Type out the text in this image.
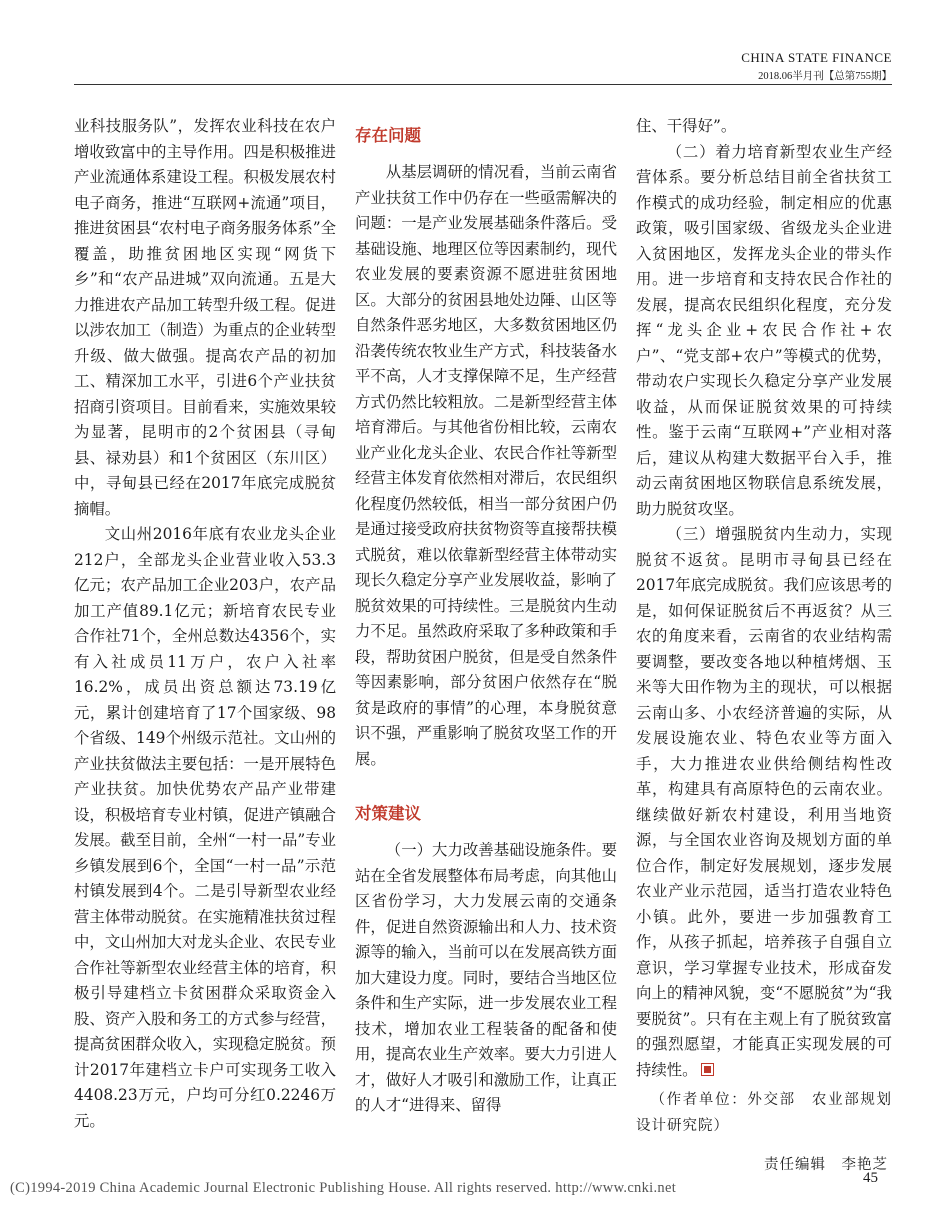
CHINA STATE FINANCE
2018.06半月刊【总第755期】

业科技服务队”，发挥农业科技在农户增收致富中的主导作用。四是积极推进产业流通体系建设工程。积极发展农村电子商务，推进“互联网+流通”项目，推进贫困县“农村电子商务服务体系”全覆盖，助推贫困地区实现“网货下乡”和“农产品进城”双向流通。五是大力推进农产品加工转型升级工程。促进以涉农加工（制造）为重点的企业转型升级、做大做强。提高农产品的初加工、精深加工水平，引进6个产业扶贫招商引资项目。目前看来，实施效果较为显著，昆明市的2个贫困县（寻甸县、禄劝县）和1个贫困区（东川区）中，寻甸县已经在2017年底完成脱贫摘帽。

文山州2016年底有农业龙头企业212户，全部龙头企业营业收入53.3亿元；农产品加工企业203户，农产品加工产值89.1亿元；新培育农民专业合作社71个，全州总数达4356个，实有入社成员11万户，农户入社率16.2%，成员出资总额达73.19亿元，累计创建培育了17个国家级、98个省级、149个州级示范社。文山州的产业扶贫做法主要包括：一是开展特色产业扶贫。加快优势农产品产业带建设，积极培育专业村镇，促进产镇融合发展。截至目前，全州“一村一品”专业乡镇发展到6个，全国“一村一品”示范村镇发展到4个。二是引导新型农业经营主体带动脱贫。在实施精准扶贫过程中，文山州加大对龙头企业、农民专业合作社等新型农业经营主体的培育，积极引导建档立卡贫困群众采取资金入股、资产入股和务工的方式参与经营，提高贫困群众收入，实现稳定脱贫。预计2017年建档立卡户可实现务工收入4408.23万元，户均可分红0.2246万元。

存在问题

从基层调研的情况看，当前云南省产业扶贫工作中仍存在一些亟需解决的问题：一是产业发展基础条件落后。受基础设施、地理区位等因素制约，现代农业发展的要素资源不愿进驻贫困地区。大部分的贫困县地处边陲、山区等自然条件恶劣地区，大多数贫困地区仍沿袭传统农牧业生产方式，科技装备水平不高，人才支撑保障不足，生产经营方式仍然比较粗放。二是新型经营主体培育滞后。与其他省份相比较，云南农业产业化龙头企业、农民合作社等新型经营主体发育依然相对滞后，农民组织化程度仍然较低，相当一部分贫困户仍是通过接受政府扶贫物资等直接帮扶模式脱贫，难以依靠新型经营主体带动实现长久稳定分享产业发展收益，影响了脱贫效果的可持续性。三是脱贫内生动力不足。虽然政府采取了多种政策和手段，帮助贫困户脱贫，但是受自然条件等因素影响，部分贫困户依然存在“脱贫是政府的事情”的心理，本身脱贫意识不强，严重影响了脱贫攻坚工作的开展。

对策建议

（一）大力改善基础设施条件。要站在全省发展整体布局考虑，向其他山区省份学习，大力发展云南的交通条件，促进自然资源输出和人力、技术资源等的输入，当前可以在发展高铁方面加大建设力度。同时，要结合当地区位条件和生产实际，进一步发展农业工程技术，增加农业工程装备的配备和使用，提高农业生产效率。要大力引进人才，做好人才吸引和激励工作，让真正的人才“进得来、留得

住、干得好”。

（二）着力培育新型农业生产经营体系。要分析总结目前全省扶贫工作模式的成功经验，制定相应的优惠政策，吸引国家级、省级龙头企业进入贫困地区，发挥龙头企业的带头作用。进一步培育和支持农民合作社的发展，提高农民组织化程度，充分发挥“龙头企业+农民合作社+农户”、“党支部+农户”等模式的优势，带动农户实现长久稳定分享产业发展收益，从而保证脱贫效果的可持续性。鉴于云南“互联网+”产业相对落后，建议从构建大数据平台入手，推动云南贫困地区物联信息系统发展，助力脱贫攻坚。

（三）增强脱贫内生动力，实现脱贫不返贫。昆明市寻甸县已经在2017年底完成脱贫。我们应该思考的是，如何保证脱贫后不再返贫？从三农的角度来看，云南省的农业结构需要调整，要改变各地以种植烤烟、玉米等大田作物为主的现状，可以根据云南山多、小农经济普遍的实际，从发展设施农业、特色农业等方面入手，大力推进农业供给侧结构性改革，构建具有高原特色的云南农业。继续做好新农村建设，利用当地资源，与全国农业咨询及规划方面的单位合作，制定好发展规划，逐步发展农业产业示范园，适当打造农业特色小镇。此外，要进一步加强教育工作，从孩子抓起，培养孩子自强自立意识，学习掌握专业技术，形成奋发向上的精神风貌，变“不愿脱贫”为“我要脱贫”。只有在主观上有了脱贫致富的强烈愿望，才能真正实现发展的可持续性。

（作者单位：外交部　农业部规划设计研究院）
责任编辑　李艳芝
45
(C)1994-2019 China Academic Journal Electronic Publishing House. All rights reserved. http://www.cnki.net
